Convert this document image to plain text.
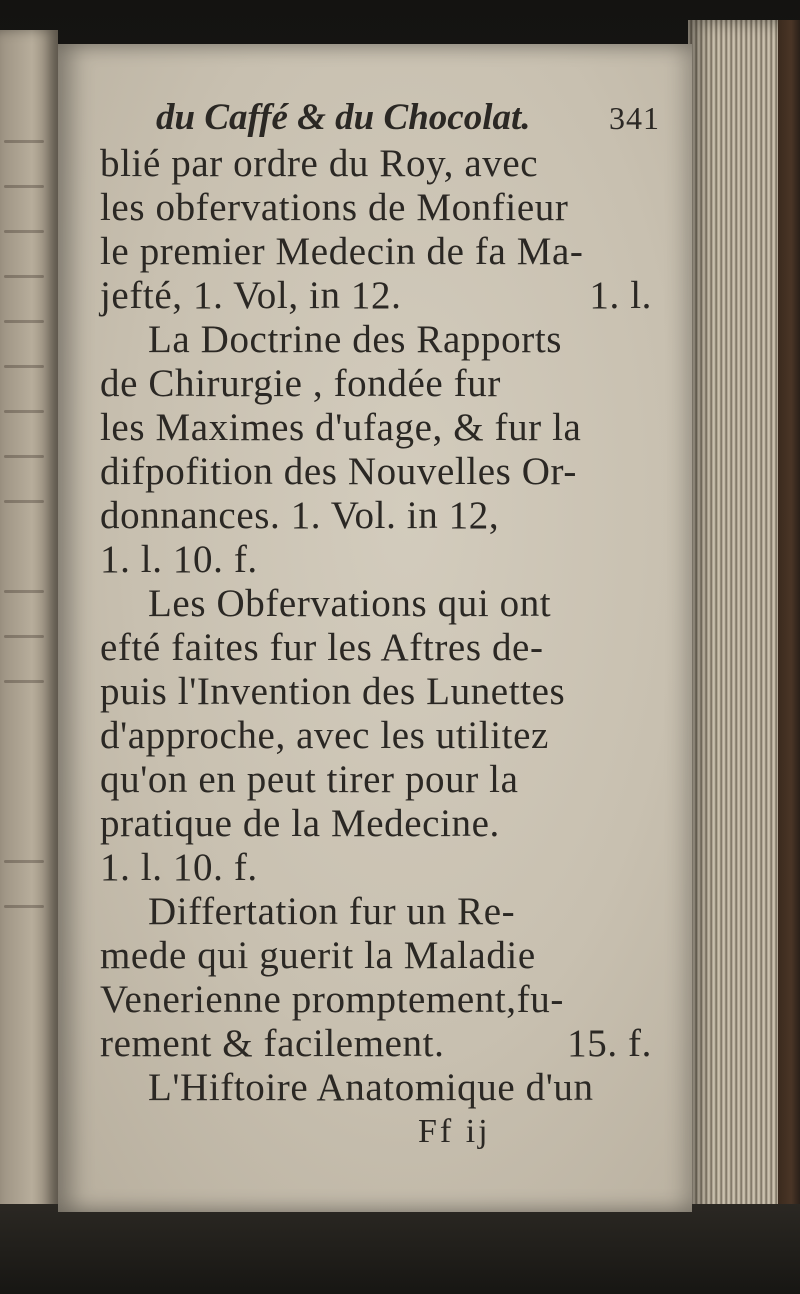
du Caffé & du Chocolat. 341
blié par ordre du Roy, avec
les obfervations de Monfieur
le premier Medecin de fa Ma-
jefté, 1. Vol, in 12.	1. l.
La Doctrine des Rapports
de Chirurgie , fondée fur
les Maximes d'ufage, & fur la
difpofition des Nouvelles Or-
donnances. 1. Vol. in 12,
1. l. 10. f.
Les Obfervations qui ont
efté faites fur les Aftres de-
puis l'Invention des Lunettes
d'approche, avec les utilitez
qu'on en peut tirer pour la
pratique de la Medecine.
1. l. 10. f.
Differtation fur un Re-
mede qui guerit la Maladie
Venerienne promptement,fu-
rement & facilement.	15. f.
L'Hiftoire Anatomique d'un
Ff ij
